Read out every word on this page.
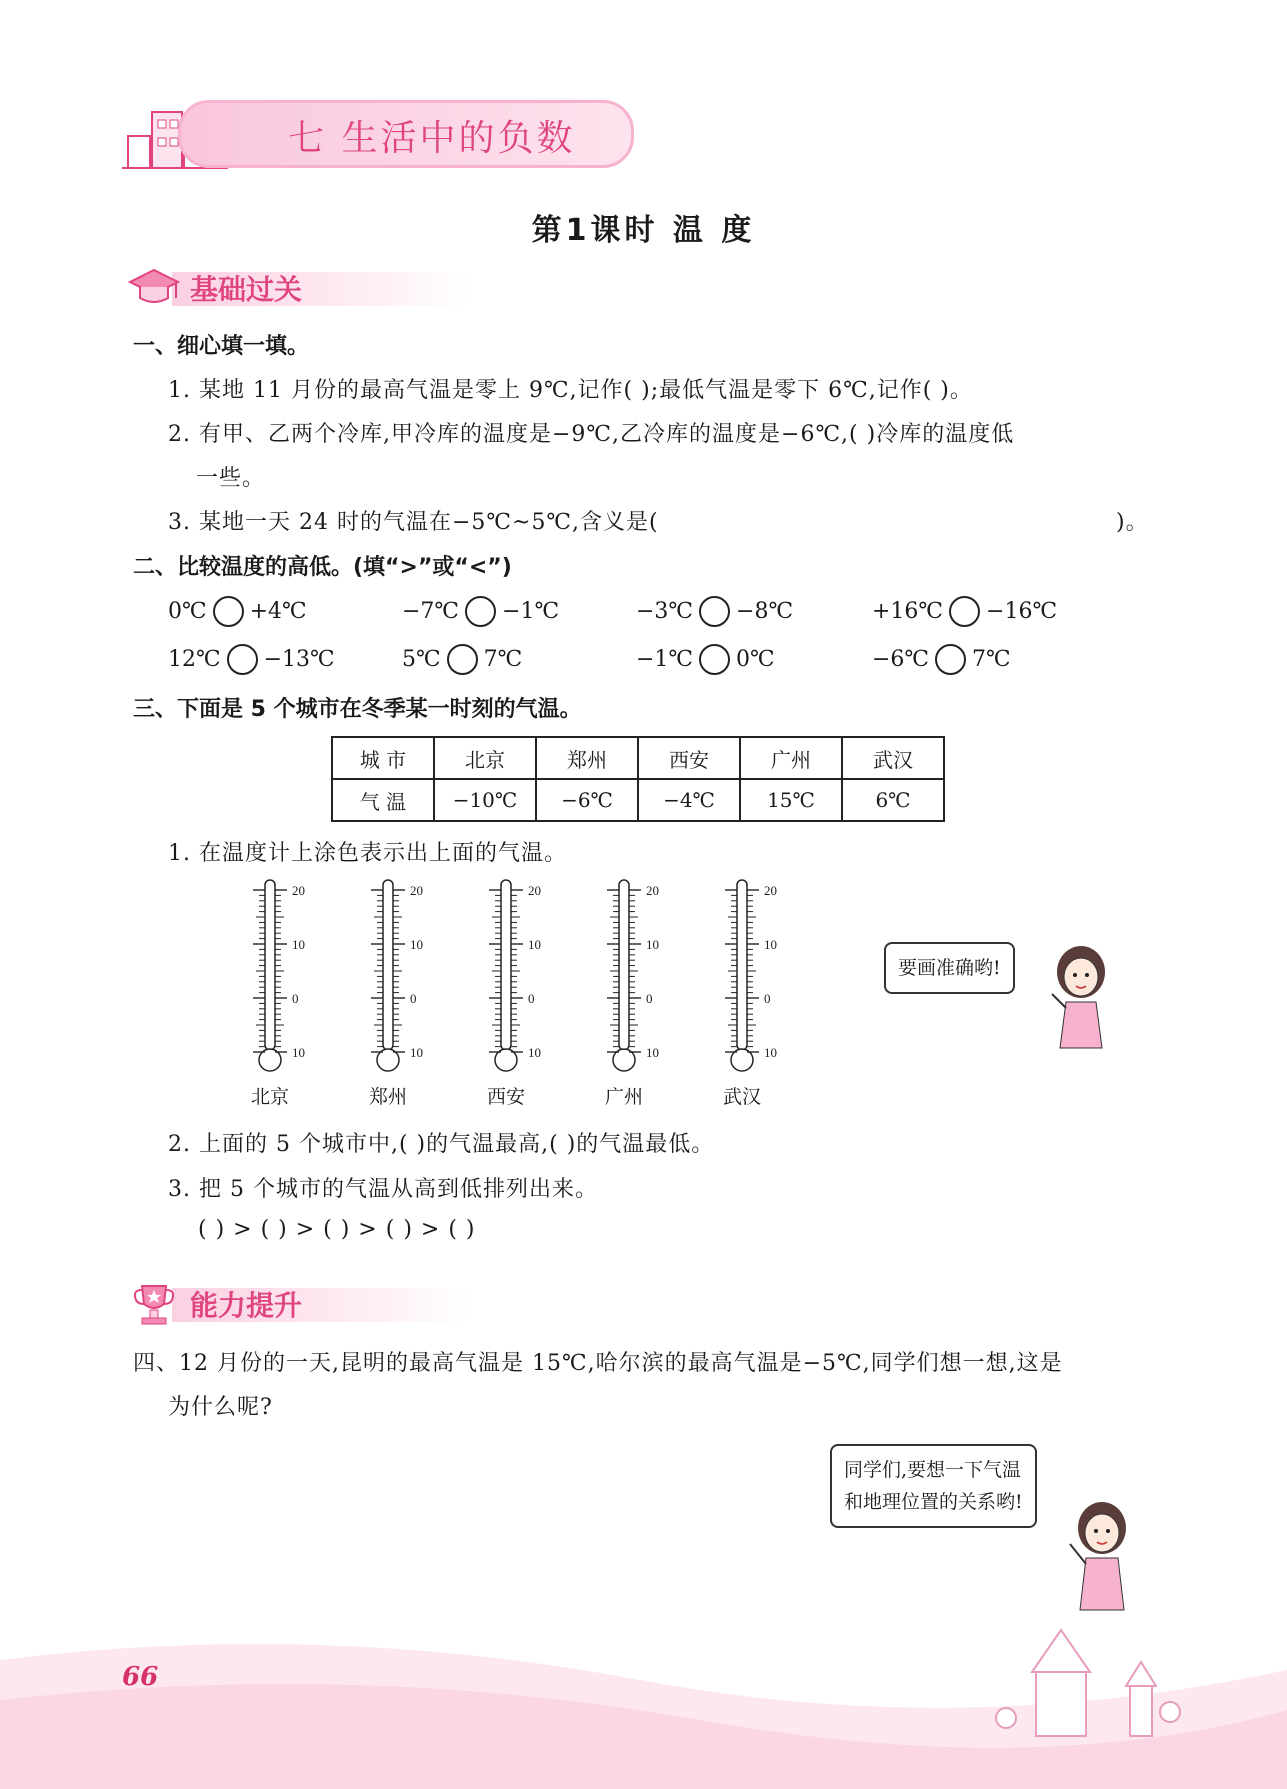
七 生活中的负数
第1课时 温 度
基础过关
一、细心填一填。
1. 某地 11 月份的最高气温是零上 9℃,记作( );最低气温是零下 6℃,记作( )。
2. 有甲、乙两个冷库,甲冷库的温度是−9℃,乙冷库的温度是−6℃,( )冷库的温度低
一些。
3. 某地一天 24 时的气温在−5℃~5℃,含义是(	)。
二、比较温度的高低。(填“>”或“<”)
0℃ +4℃	−7℃ −1℃	−3℃ −8℃	+16℃ −16℃
12℃ −13℃	5℃ 7℃	−1℃ 0℃	−6℃ 7℃
三、下面是 5 个城市在冬季某一时刻的气温。
城 市	北京	郑州	西安	广州	武汉
气 温	−10℃	−6℃	−4℃	15℃	6℃
1. 在温度计上涂色表示出上面的气温。
20
10
0
10
北京
20
10
0
10
郑州
20
10
0
10
西安
20
10
0
10
广州
20
10
0
10
武汉
要画准确哟!
2. 上面的 5 个城市中,( )的气温最高,( )的气温最低。
3. 把 5 个城市的气温从高到低排列出来。
( ) > ( ) > ( ) > ( ) > ( )
能力提升
四、12 月份的一天,昆明的最高气温是 15℃,哈尔滨的最高气温是−5℃,同学们想一想,这是
为什么呢?
同学们,要想一下气温
和地理位置的关系哟!
66
